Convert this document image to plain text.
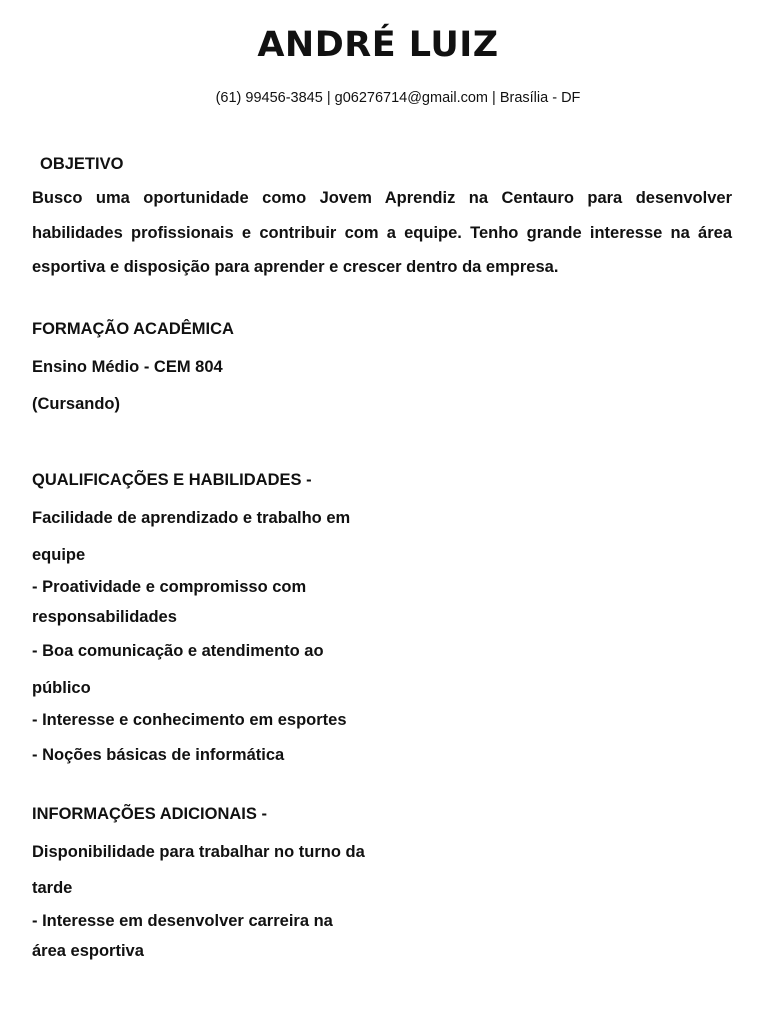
ANDRÉ LUIZ
(61) 99456-3845 | g06276714@gmail.com | Brasília - DF
OBJETIVO
Busco uma oportunidade como Jovem Aprendiz na Centauro para desenvolver habilidades profissionais e contribuir com a equipe. Tenho grande interesse na área esportiva e disposição para aprender e crescer dentro da empresa.
FORMAÇÃO ACADÊMICA
Ensino Médio - CEM 804
(Cursando)
QUALIFICAÇÕES E HABILIDADES -
Facilidade de aprendizado e trabalho em
equipe
- Proatividade e compromisso com
responsabilidades
- Boa comunicação e atendimento ao
público
- Interesse e conhecimento em esportes
- Noções básicas de informática
INFORMAÇÕES ADICIONAIS -
Disponibilidade para trabalhar no turno da
tarde
- Interesse em desenvolver carreira na
área esportiva
